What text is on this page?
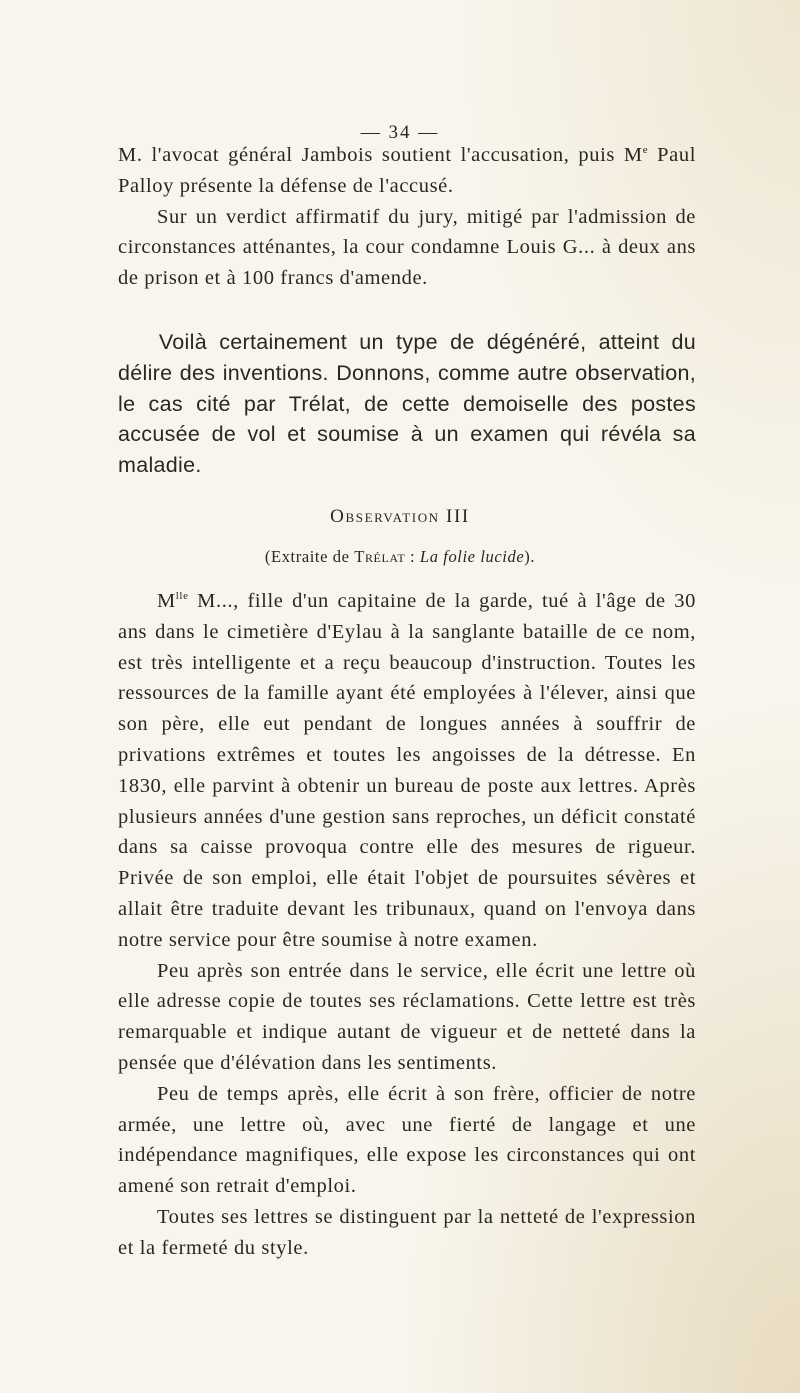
— 34 —

M. l'avocat général Jambois soutient l'accusation, puis Me Paul Palloy présente la défense de l'accusé.

Sur un verdict affirmatif du jury, mitigé par l'admission de circonstances atténantes, la cour condamne Louis G... à deux ans de prison et à 100 francs d'amende.

Voilà certainement un type de dégénéré, atteint du délire des inventions. Donnons, comme autre observation, le cas cité par Trélat, de cette demoiselle des postes accusée de vol et soumise à un examen qui révéla sa maladie.

Observation III
(Extraite de Trélat : La folie lucide).

$M^{lle}$ M..., fille d'un capitaine de la garde, tué à l'âge de 30 ans dans le cimetière d'Eylau à la sanglante bataille de ce nom, est très intelligente et a reçu beaucoup d'instruction. Toutes les ressources de la famille ayant été employées à l'élever, ainsi que son père, elle eut pendant de longues années à souffrir de privations extrêmes et toutes les angoisses de la détresse. En 1830, elle parvint à obtenir un bureau de poste aux lettres. Après plusieurs années d'une gestion sans reproches, un déficit constaté dans sa caisse provoqua contre elle des mesures de rigueur. Privée de son emploi, elle était l'objet de poursuites sévères et allait être traduite devant les tribunaux, quand on l'envoya dans notre service pour être soumise à notre examen.

Peu après son entrée dans le service, elle écrit une lettre où elle adresse copie de toutes ses réclamations. Cette lettre est très remarquable et indique autant de vigueur et de netteté dans la pensée que d'élévation dans les sentiments.

Peu de temps après, elle écrit à son frère, officier de notre armée, une lettre où, avec une fierté de langage et une indépendance magnifiques, elle expose les circonstances qui ont amené son retrait d'emploi.

Toutes ses lettres se distinguent par la netteté de l'expression et la fermeté du style.
